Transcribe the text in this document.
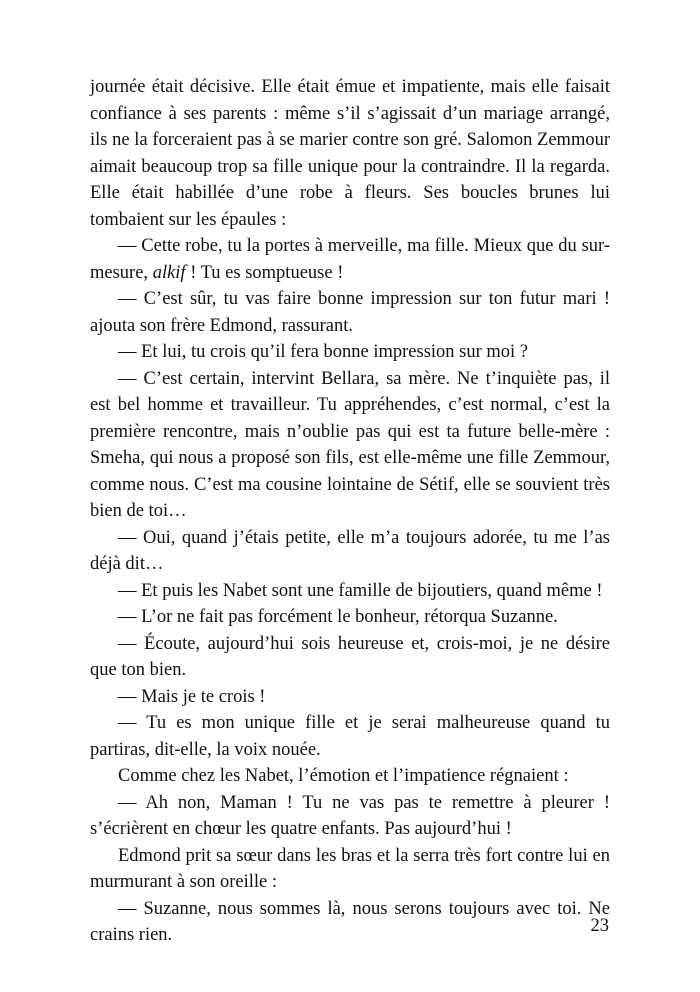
journée était décisive. Elle était émue et impatiente, mais elle faisait confiance à ses parents : même s’il s’agissait d’un mariage arrangé, ils ne la forceraient pas à se marier contre son gré. Salomon Zemmour aimait beaucoup trop sa fille unique pour la contraindre. Il la regarda. Elle était habillée d’une robe à fleurs. Ses boucles brunes lui tombaient sur les épaules :

— Cette robe, tu la portes à merveille, ma fille. Mieux que du sur-mesure, alkif ! Tu es somptueuse !

— C’est sûr, tu vas faire bonne impression sur ton futur mari ! ajouta son frère Edmond, rassurant.

— Et lui, tu crois qu’il fera bonne impression sur moi ?

— C’est certain, intervint Bellara, sa mère. Ne t’inquiète pas, il est bel homme et travailleur. Tu appréhendes, c’est normal, c’est la première rencontre, mais n’oublie pas qui est ta future belle-mère : Smeha, qui nous a proposé son fils, est elle-même une fille Zemmour, comme nous. C’est ma cousine lointaine de Sétif, elle se souvient très bien de toi…

— Oui, quand j’étais petite, elle m’a toujours adorée, tu me l’as déjà dit…

— Et puis les Nabet sont une famille de bijoutiers, quand même !

— L’or ne fait pas forcément le bonheur, rétorqua Suzanne.

— Écoute, aujourd’hui sois heureuse et, crois-moi, je ne désire que ton bien.

— Mais je te crois !

— Tu es mon unique fille et je serai malheureuse quand tu partiras, dit-elle, la voix nouée.

Comme chez les Nabet, l’émotion et l’impatience régnaient :

— Ah non, Maman ! Tu ne vas pas te remettre à pleurer ! s’écrièrent en chœur les quatre enfants. Pas aujourd’hui !

Edmond prit sa sœur dans les bras et la serra très fort contre lui en murmurant à son oreille :

— Suzanne, nous sommes là, nous serons toujours avec toi. Ne crains rien.	23
